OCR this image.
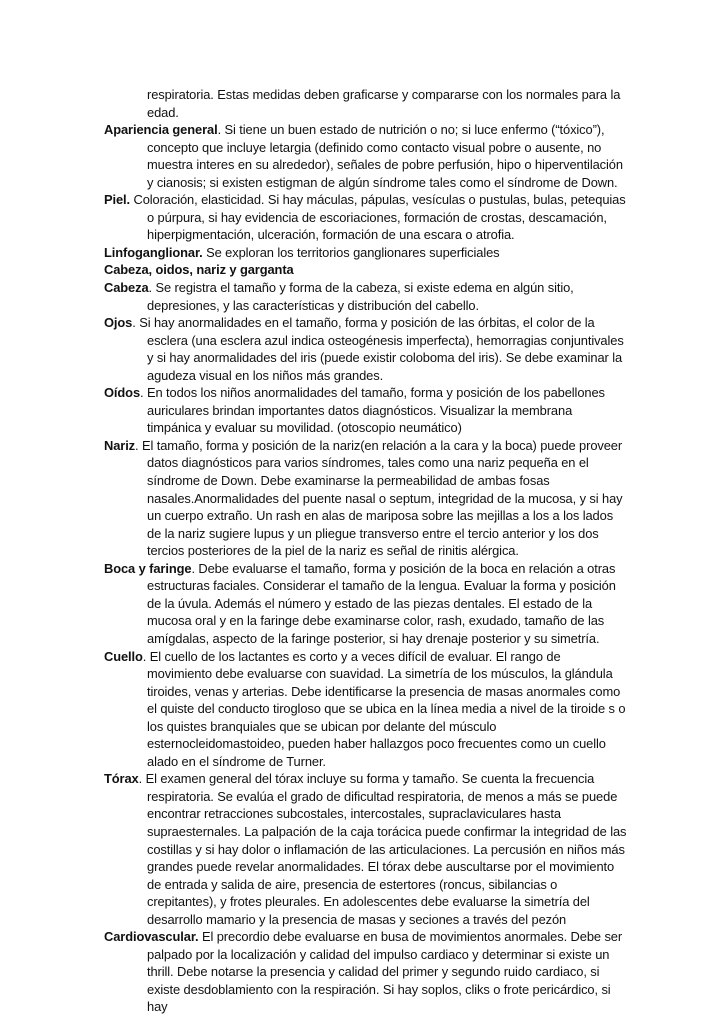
respiratoria. Estas medidas deben graficarse y compararse con los normales para la edad.

Apariencia general. Si tiene un buen estado de nutrición o no; si luce enfermo (“tóxico”), concepto que incluye letargia (definido como contacto visual pobre o ausente, no muestra interes en su alrededor), señales de pobre perfusión, hipo o hiperventilación y cianosis; si existen estigman de algún síndrome tales como el síndrome de Down.

Piel. Coloración, elasticidad. Si hay máculas, pápulas, vesículas o pustulas, bulas, petequias o púrpura, si hay evidencia de escoriaciones, formación de crostas, descamación, hiperpigmentación, ulceración, formación de una escara o atrofia.

Linfoganglionar. Se exploran los territorios ganglionares superficiales

Cabeza, oidos, nariz y garganta

Cabeza. Se registra el tamaño y forma de la cabeza, si existe edema en algún sitio, depresiones, y las características y distribución del cabello.

Ojos. Si hay anormalidades en el tamaño, forma y posición de las órbitas, el color de la esclera (una esclera azul indica osteogénesis imperfecta), hemorragias conjuntivales y si hay anormalidades del iris (puede existir coloboma del iris). Se debe examinar la agudeza visual en los niños más grandes.

Oídos. En todos los niños anormalidades del tamaño, forma y posición de los pabellones auriculares brindan importantes datos diagnósticos. Visualizar la membrana timpánica y evaluar su movilidad. (otoscopio neumático)

Nariz. El tamaño, forma y posición de la nariz(en relación a la cara y la boca) puede proveer datos diagnósticos para varios síndromes, tales como una nariz pequeña en el síndrome de Down. Debe examinarse la permeabilidad de ambas fosas nasales.Anormalidades del puente nasal o septum, integridad de la mucosa, y si hay un cuerpo extraño. Un rash en alas de mariposa sobre las mejillas a los a los lados de la nariz sugiere lupus y un pliegue transverso entre el tercio anterior y los dos tercios posteriores de la piel de la nariz es señal de rinitis alérgica.

Boca y faringe. Debe evaluarse el tamaño, forma y posición de la boca en relación a otras estructuras faciales. Considerar el tamaño de la lengua. Evaluar la forma y posición de la úvula. Además el número y estado de las piezas dentales. El estado de la mucosa oral y en la faringe debe examinarse color, rash, exudado, tamaño de las amígdalas, aspecto de la faringe posterior, si hay drenaje posterior y su simetría.

Cuello. El cuello de los lactantes es corto y a veces difícil de evaluar. El rango de movimiento debe evaluarse con suavidad. La simetría de los músculos, la glándula tiroides, venas y arterias. Debe identificarse la presencia de masas anormales como el quiste del conducto tirogloso que se ubica en la línea media a nivel de la tiroide s o los quistes branquiales que se ubican por delante del músculo esternocleidomastoideo, pueden haber hallazgos poco frecuentes como un cuello alado en el síndrome de Turner.

Tórax. El examen general del tórax incluye su forma y tamaño. Se cuenta la frecuencia respiratoria. Se evalúa el grado de dificultad respiratoria, de menos a más se puede encontrar retracciones subcostales, intercostales, supraclaviculares hasta supraesternales. La palpación de la caja torácica puede confirmar la integridad de las costillas y si hay dolor o inflamación de las articulaciones. La percusión en niños más grandes puede revelar anormalidades. El tórax debe auscultarse por el movimiento de entrada y salida de aire, presencia de estertores (roncus, sibilancias o crepitantes), y frotes pleurales. En adolescentes debe evaluarse la simetría del desarrollo mamario y la presencia de masas y seciones a través del pezón

Cardiovascular. El precordio debe evaluarse en busa de movimientos anormales. Debe ser palpado por la localización y calidad del impulso cardiaco y determinar si existe un thrill. Debe notarse la presencia y calidad del primer y segundo ruido cardiaco, si existe desdoblamiento con la respiración. Si hay soplos, cliks o frote pericárdico, si hay
